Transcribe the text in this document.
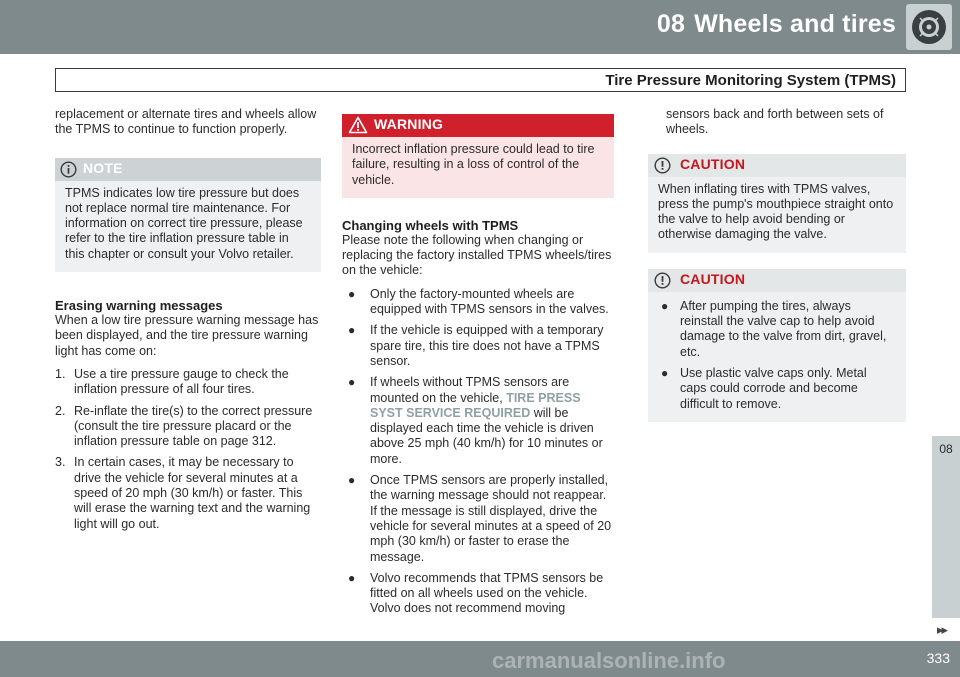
08 Wheels and tires
Tire Pressure Monitoring System (TPMS)

replacement or alternate tires and wheels allow the TPMS to continue to function properly.

NOTE
TPMS indicates low tire pressure but does not replace normal tire maintenance. For information on correct tire pressure, please refer to the tire inflation pressure table in this chapter or consult your Volvo retailer.
Erasing warning messages

When a low tire pressure warning message has been displayed, and the tire pressure warning light has come on:

1. Use a tire pressure gauge to check the inflation pressure of all four tires.
2. Re-inflate the tire(s) to the correct pressure (consult the tire pressure placard or the inflation pressure table on page 312.
3. In certain cases, it may be necessary to drive the vehicle for several minutes at a speed of 20 mph (30 km/h) or faster. This will erase the warning text and the warning light will go out.
WARNING
Incorrect inflation pressure could lead to tire failure, resulting in a loss of control of the vehicle.
Changing wheels with TPMS

Please note the following when changing or replacing the factory installed TPMS wheels/tires on the vehicle:

● Only the factory-mounted wheels are equipped with TPMS sensors in the valves.
● If the vehicle is equipped with a temporary spare tire, this tire does not have a TPMS sensor.
● If wheels without TPMS sensors are mounted on the vehicle, TIRE PRESS SYST SERVICE REQUIRED will be displayed each time the vehicle is driven above 25 mph (40 km/h) for 10 minutes or more.
● Once TPMS sensors are properly installed, the warning message should not reappear. If the message is still displayed, drive the vehicle for several minutes at a speed of 20 mph (30 km/h) or faster to erase the message.
● Volvo recommends that TPMS sensors be fitted on all wheels used on the vehicle. Volvo does not recommend moving

sensors back and forth between sets of wheels.

CAUTION
When inflating tires with TPMS valves, press the pump's mouthpiece straight onto the valve to help avoid bending or otherwise damaging the valve.
CAUTION
● After pumping the tires, always reinstall the valve cap to help avoid damage to the valve from dirt, gravel, etc.
● Use plastic valve caps only. Metal caps could corrode and become difficult to remove.
08
▸▸
333
carmanualsonline.info
